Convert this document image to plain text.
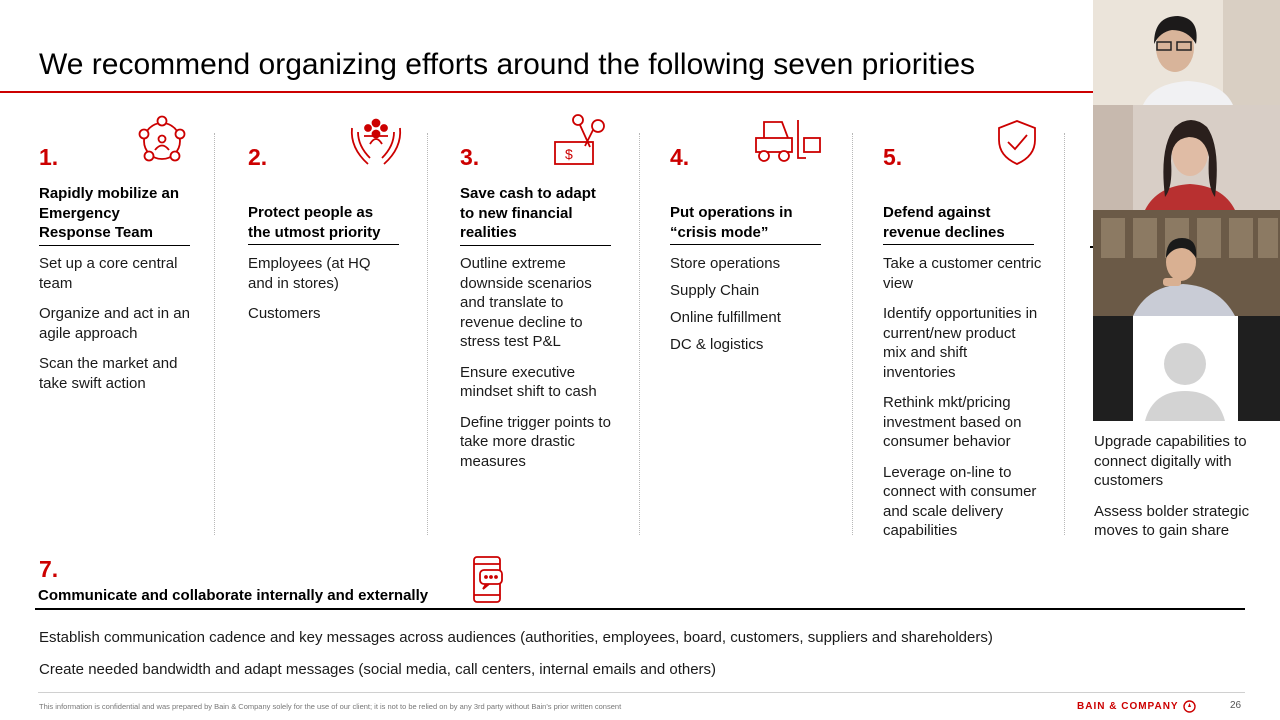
We recommend organizing efforts around the following seven priorities
1.
Rapidly mobilize an Emergency Response Team
Set up a core central team
Organize and act in an agile approach
Scan the market and take swift action
2.
Protect people as the utmost priority
Employees (at HQ and in stores)
Customers
3.	$
Save cash to adapt to new financial realities
Outline extreme downside scenarios and translate to revenue decline to stress test P&L
Ensure executive mindset shift to cash
Define trigger points to take more drastic measures
4.
Put operations in “crisis mode”
Store operations
Supply Chain
Online fulfillment
DC & logistics
5.
Defend against revenue declines
Take a customer centric view
Identify opportunities in current/new product mix and shift inventories
Rethink mkt/pricing investment based on consumer behavior
Leverage on-line to connect with consumer and scale delivery capabilities
Upgrade capabilities to connect digitally with customers
Assess bolder strategic moves to gain share
7.
Communicate and collaborate internally and externally
Establish communication cadence and key messages across audiences (authorities, employees, board, customers, suppliers and shareholders)
Create needed bandwidth and adapt messages (social media, call centers, internal emails and others)
This information is confidential and was prepared by Bain & Company solely for the use of our client; it is not to be relied on by any 3rd party without Bain's prior written consent	BAIN & COMPANY	26
